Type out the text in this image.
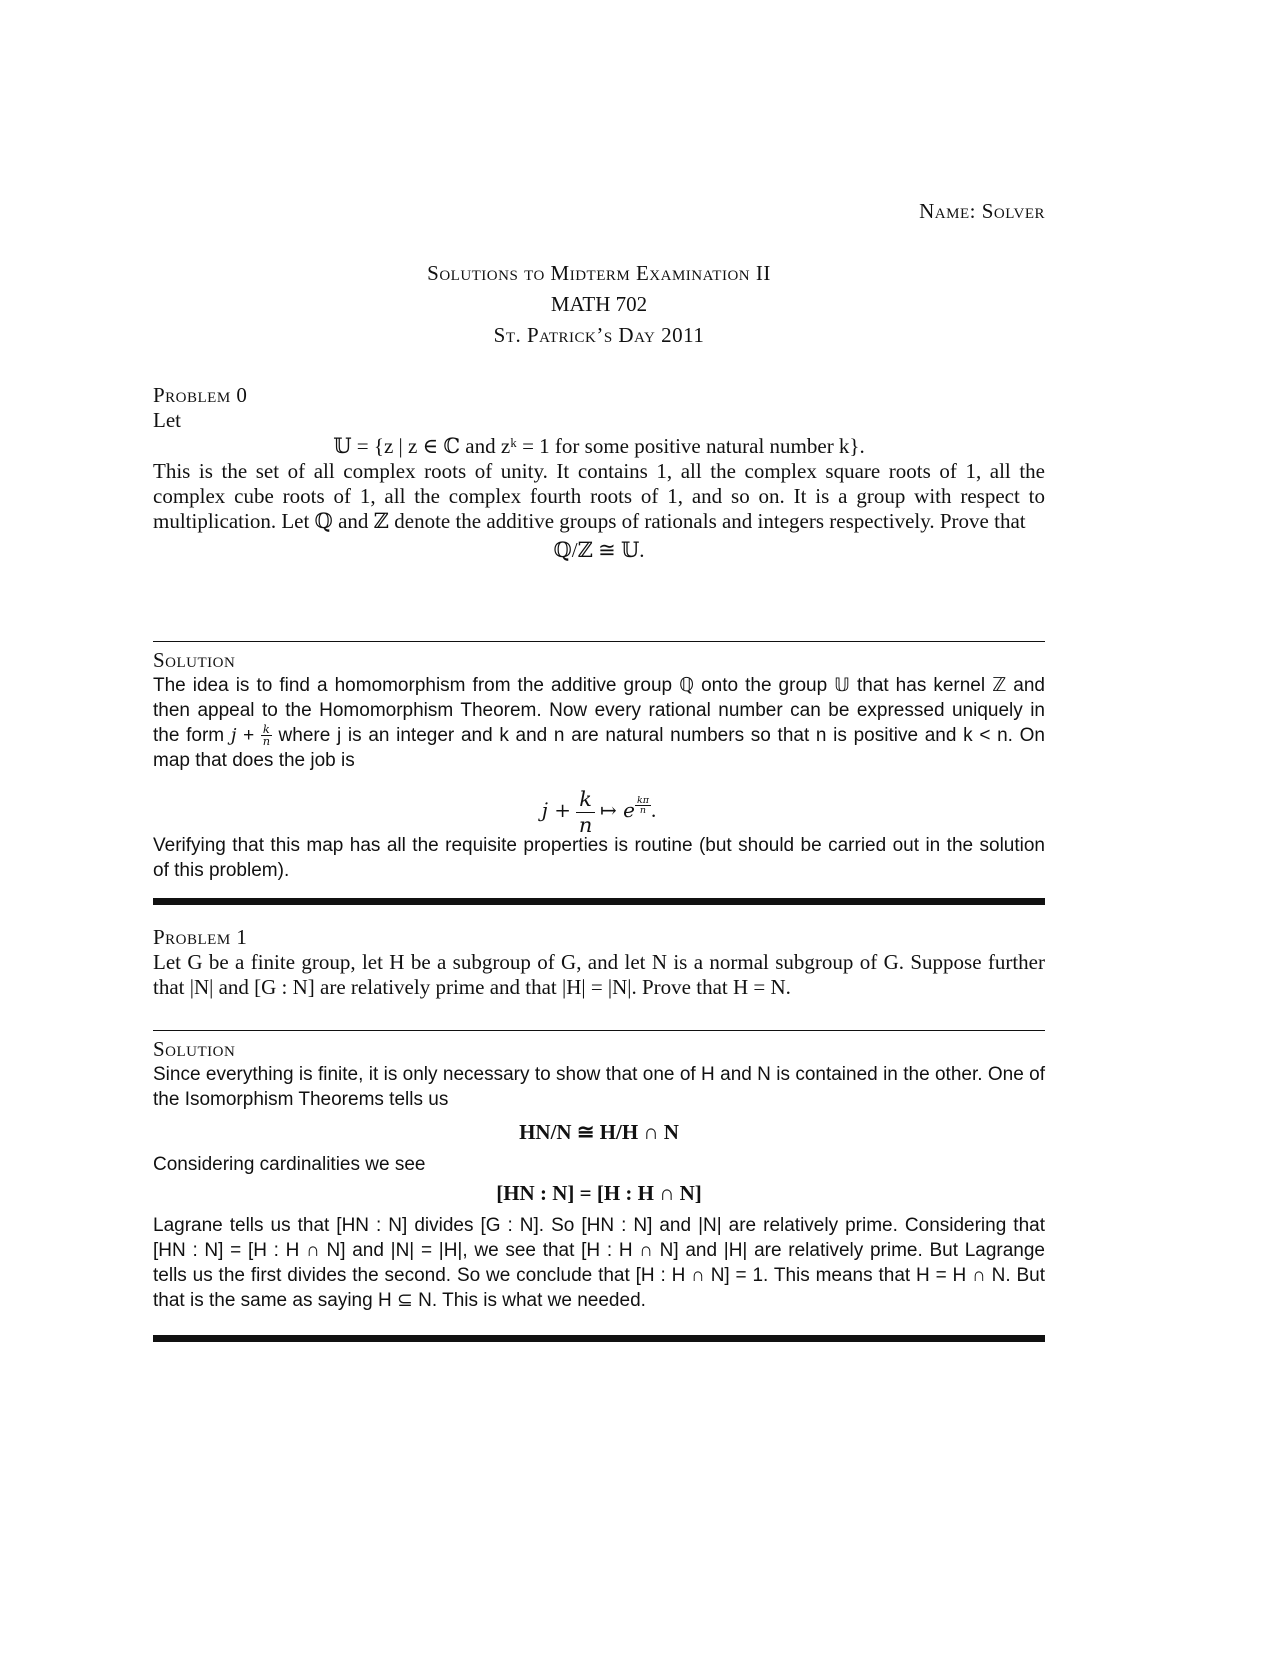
Name: Solver
Solutions to Midterm Examination II
MATH 702
St. Patrick’s Day 2011
Problem 0
Let
𝕌 = {z | z ∈ ℂ and zᵏ = 1 for some positive natural number k}.
This is the set of all complex roots of unity. It contains 1, all the complex square roots of 1, all the complex cube roots of 1, all the complex fourth roots of 1, and so on. It is a group with respect to multiplication. Let ℚ and ℤ denote the additive groups of rationals and integers respectively. Prove that
ℚ/ℤ ≅ 𝕌.
Solution
The idea is to find a homomorphism from the additive group ℚ onto the group 𝕌 that has kernel ℤ and then appeal to the Homomorphism Theorem. Now every rational number can be expressed uniquely in the form $j + \frac{k}{n}$ where j is an integer and k and n are natural numbers so that n is positive and k < n. On map that does the job is
$j + \frac{k}{n}$ ↦ e $^{\frac{k\pi}{n}}$ .
Verifying that this map has all the requisite properties is routine (but should be carried out in the solution of this problem).
Problem 1
Let G be a finite group, let H be a subgroup of G, and let N is a normal subgroup of G. Suppose further that |N| and [G : N] are relatively prime and that |H| = |N|. Prove that H = N.
Solution
Since everything is finite, it is only necessary to show that one of H and N is contained in the other. One of the Isomorphism Theorems tells us
HN/N ≅ H/H ∩ N
Considering cardinalities we see
[HN : N] = [H : H ∩ N]
Lagrane tells us that [HN : N] divides [G : N]. So [HN : N] and |N| are relatively prime. Considering that [HN : N] = [H : H ∩ N] and |N| = |H|, we see that [H : H ∩ N] and |H| are relatively prime. But Lagrange tells us the first divides the second. So we conclude that [H : H ∩ N] = 1. This means that H = H ∩ N. But that is the same as saying H ⊆ N. This is what we needed.
